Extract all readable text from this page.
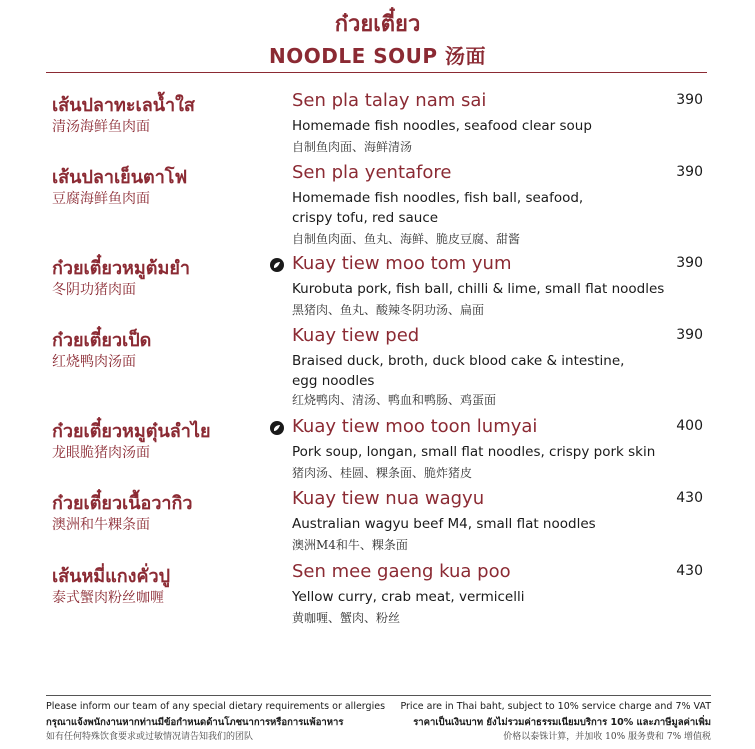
ก๋วยเตี๋ยว
NOODLE SOUP 汤面
เส้นปลาทะเลน้ำใส
清汤海鲜鱼肉面
Sen pla talay nam sai	390
Homemade fish noodles, seafood clear soup
自制鱼肉面、海鲜清汤
เส้นปลาเย็นตาโฟ
豆腐海鲜鱼肉面
Sen pla yentafore	390
Homemade fish noodles, fish ball, seafood, crispy tofu, red sauce
自制鱼肉面、鱼丸、海鲜、脆皮豆腐、甜酱
ก๋วยเตี๋ยวหมูต้มยำ
冬阴功猪肉面
Kuay tiew moo tom yum	390
Kurobuta pork, fish ball, chilli & lime, small flat noodles
黑猪肉、鱼丸、酸辣冬阴功汤、扁面
ก๋วยเตี๋ยวเป็ด
红烧鸭肉汤面
Kuay tiew ped	390
Braised duck, broth, duck blood cake & intestine, egg noodles
红烧鸭肉、清汤、鸭血和鸭肠、鸡蛋面
ก๋วยเตี๋ยวหมูตุ๋นลำไย
龙眼脆猪肉汤面
Kuay tiew moo toon lumyai	400
Pork soup, longan, small flat noodles, crispy pork skin
猪肉汤、桂圆、粿条面、脆炸猪皮
ก๋วยเตี๋ยวเนื้อวากิว
澳洲和牛粿条面
Kuay tiew nua wagyu	430
Australian wagyu beef M4, small flat noodles
澳洲M4和牛、粿条面
เส้นหมี่แกงคั่วปู
泰式蟹肉粉丝咖喱
Sen mee gaeng kua poo	430
Yellow curry, crab meat, vermicelli
黄咖喱、蟹肉、粉丝
Please inform our team of any special dietary requirements or allergies
กรุณาแจ้งพนักงานหากท่านมีข้อกำหนดด้านโภชนาการหรือการแพ้อาหาร
如有任何特殊饮食要求或过敏情况请告知我们的团队
Price are in Thai baht, subject to 10% service charge and 7% VAT
ราคาเป็นเงินบาท ยังไม่รวมค่าธรรมเนียมบริการ 10% และภาษีมูลค่าเพิ่ม
价格以泰铢计算，并加收 10% 服务费和 7% 增值税
